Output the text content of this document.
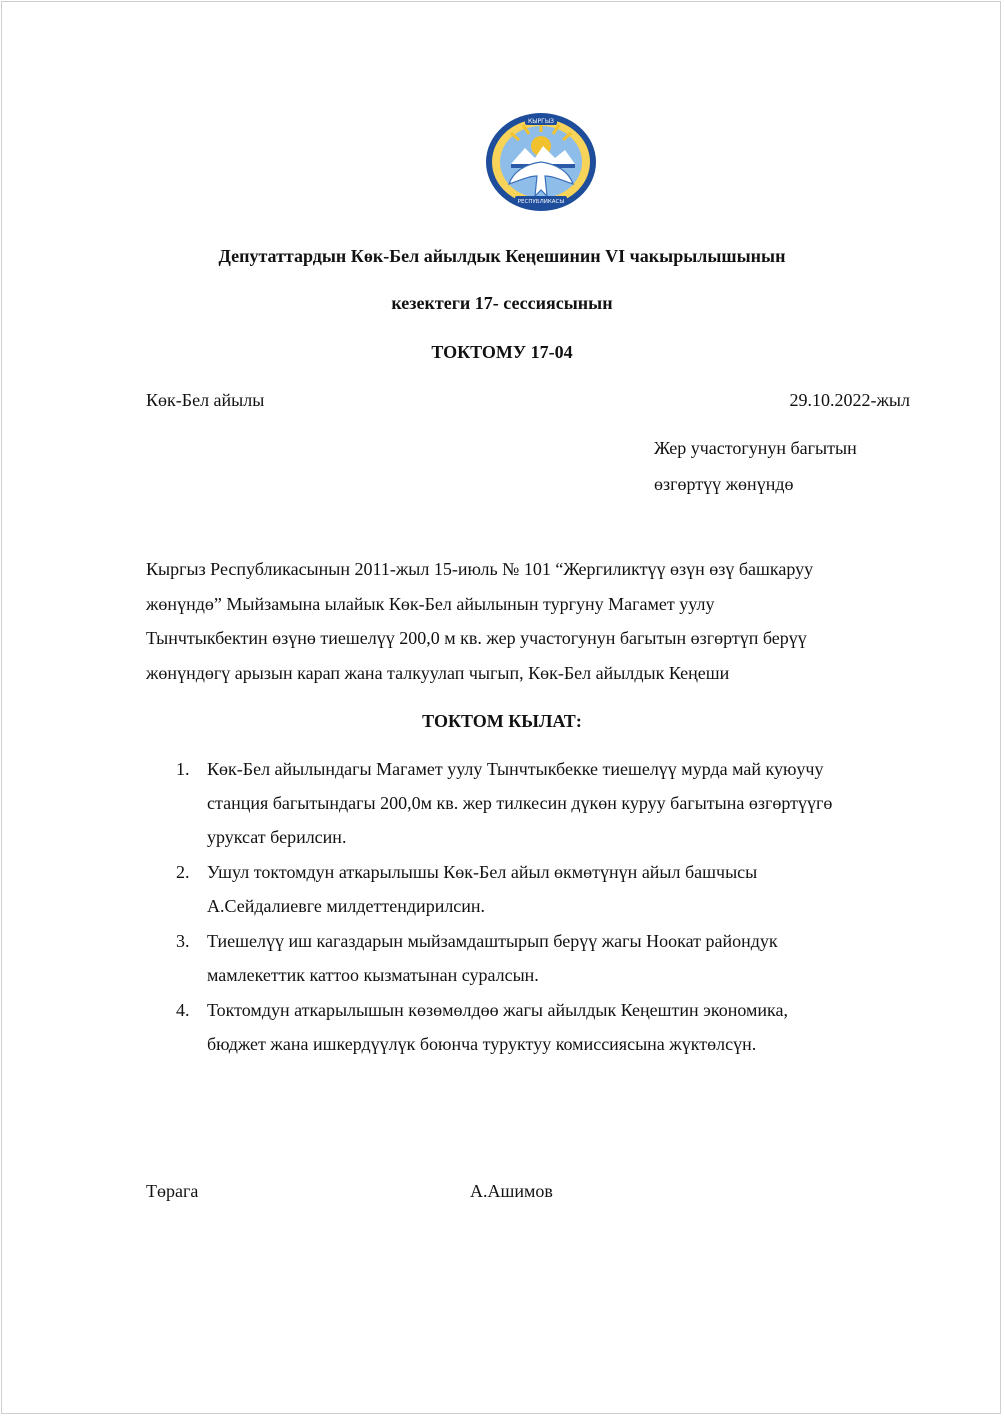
КЫРГЫЗ
РЕСПУБЛИКАСЫ
Депутаттардын Көк-Бел айылдык Кеңешинин VI чакырылышынын
кезектеги 17- сессиясынын
ТОКТОМУ 17-04
Көк-Бел айылы	29.10.2022-жыл
Жер участогунун багытын
өзгөртүү жөнүндө
Кыргыз Республикасынын 2011-жыл 15-июль № 101 “Жергиликтүү өзүн өзү башкаруу
жөнүндө” Мыйзамына ылайык Көк-Бел айылынын тургуну Магамет уулу
Тынчтыкбектин өзүнө тиешелүү 200,0 м кв. жер участогунун багытын өзгөртүп берүү
жөнүндөгү арызын карап жана талкуулап чыгып, Көк-Бел айылдык Кеңеши
ТОКТОМ КЫЛАТ:
1. Көк-Бел айылындагы Магамет уулу Тынчтыкбекке тиешелүү мурда май куюучу
станция багытындагы 200,0м кв. жер тилкесин дүкөн куруу багытына өзгөртүүгө
уруксат берилсин.
2. Ушул токтомдун аткарылышы Көк-Бел айыл өкмөтүнүн айыл башчысы
А.Сейдалиевге милдеттендирилсин.
3. Тиешелүү иш кагаздарын мыйзамдаштырып берүү жагы Ноокат райондук
мамлекеттик каттоо кызматынан суралсын.
4. Токтомдун аткарылышын көзөмөлдөө жагы айылдык Кеңештин экономика,
бюджет жана ишкердүүлүк боюнча туруктуу комиссиясына жүктөлсүн.
Төрага	А.Ашимов
